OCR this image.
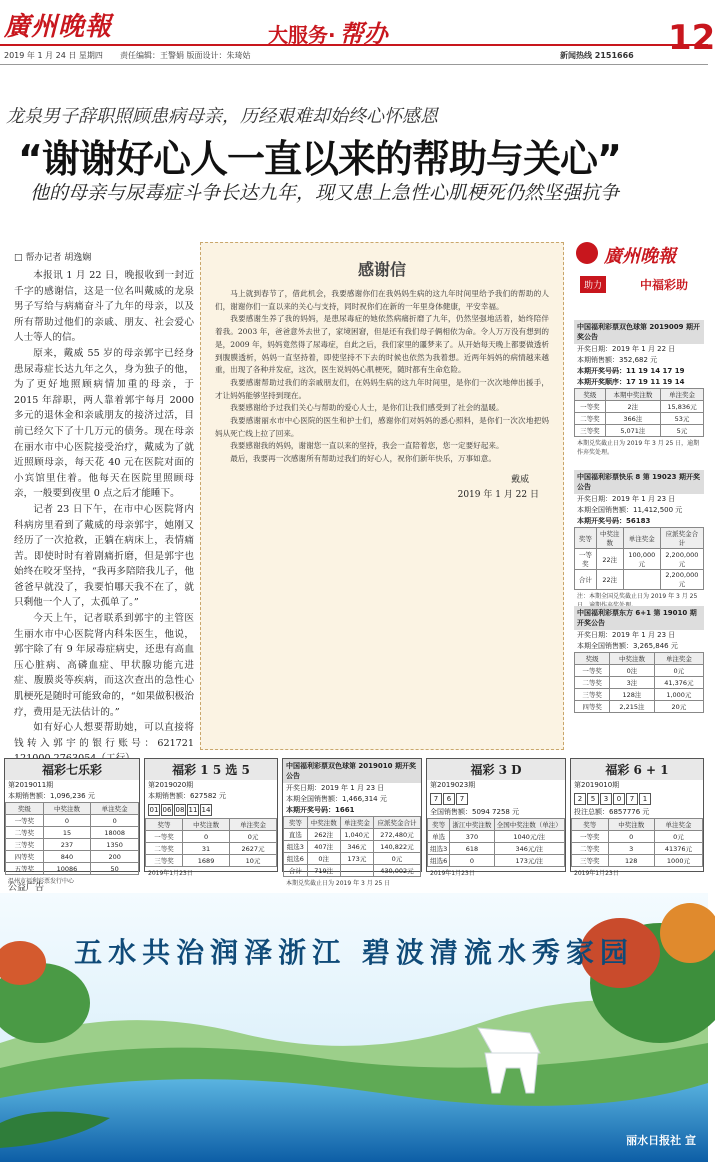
廣州晚報	大服务· 帮办	12
2019 年 1 月 24 日 星期四 责任编辑：王警娟 版面设计：朱琦姑	新闻热线 2151666
龙泉男子辞职照顾患病母亲，历经艰难却始终心怀感恩
“谢谢好心人一直以来的帮助与关心”
他的母亲与尿毒症斗争长达九年，现又患上急性心肌梗死仍然坚强抗争
□ 帮办记者 胡逸娴

本报讯 1 月 22 日，晚报收到一封近千字的感谢信，这是一位名叫戴威的龙泉男子写给与病痛奋斗了九年的母亲，以及所有帮助过他们的亲戚、朋友、社会爱心人士等人的信。

原来，戴威 55 岁的母亲郭宇已经身患尿毒症长达九年之久，身为独子的他，为了更好地照顾病情加重的母亲，于 2015 年辞职，两人靠着郭宇每月 2000 多元的退休金和亲戚朋友的接济过活，目前已经欠下了十几万元的债务。现在母亲在丽水市中心医院接受治疗，戴威为了就近照顾母亲，每天花 40 元在医院对面的小宾馆里住着。他每天在医院里照顾母亲，一般要到夜里 0 点之后才能睡下。

记者 23 日下午，在市中心医院肾内科病房里看到了戴威的母亲郭宇，她刚又经历了一次抢救，正躺在病床上，表情痛苦。即使时时有着剧痛折磨，但是郭宇也始终在咬牙坚持，“我再多陪陪我儿子，他爸爸早就没了，我要怕哪天我不在了，就只剩他一个人了，太孤单了。”

今天上午，记者联系到郭宇的主管医生丽水市中心医院肾内科朱医生，他说，郭宇除了有 9 年尿毒症病史，还患有高血压心脏病、高磷血症、甲状腺功能亢进症、腹膜炎等疾病，而这次查出的急性心肌梗死是随时可能致命的，“如果做积极治疗，费用是无法估计的。”

如有好心人想要帮助她，可以直接将钱转入郭宇的银行账号：621721

感谢信

马上就到春节了，借此机会，我要感谢你们在我妈妈生病的这九年时间里给予我们的帮助的人们，谢谢你们一直以来的关心与支持，同时祝你们在新的一年里身体健康，平安幸福。

我要感谢生养了我的妈妈，是患尿毒症的她依然病痛折磨了九年，仍然坚强地活着，始终陪伴着我。2003 年，爸爸意外去世了，家境困窘，但是还有我们母子俩相依为命。令人万万没有想到的是，2009 年，妈妈竟然得了尿毒症，自此之后，我们家里的噩梦来了。从开始每天晚上都要做透析到腹膜透析，妈妈一直坚持着，即使坚持不下去的时候也依然为我着想。近两年妈妈的病情越来越重，出现了各种并发症，这次，医生说妈妈心肌梗死，随时都有生命危险。

我要感谢帮助过我们的亲戚朋友们，在妈妈生病的这九年时间里，是你们一次次地伸出援手，才让妈妈能够坚持到现在。

我要感谢给予过我们关心与帮助的爱心人士，是你们让我们感受到了社会的温暖。

我要感谢丽水市中心医院的医生和护士们，感谢你们对妈妈的悉心照料，是你们一次次地把妈妈从死亡线上拉了回来。

我要感谢我的妈妈，谢谢您一直以来的坚持，我会一直陪着您，您一定要好起来。

最后，我要再一次感谢所有帮助过我们的好心人，祝你们新年快乐，万事如意。

戴威
2019 年 1 月 22 日
廣州晚報
助力	中福彩助
中国福利彩票双色球第 2019009 期开奖公告
开奖日期：2019 年 1 月 22 日
本期销售额：352,682 元
本期开奖号码：11 19 14 17 19
本期开奖顺序：17 19 11 19 14
奖级	本期中奖注数	单注奖金
一等奖	2注	15,836元
二等奖	366注	53元
三等奖	5,071注	5元
本期兑奖截止日为 2019 年 3 月 25 日，逾期作弃奖处理。
中国福利彩票快乐 8 第 19023 期开奖公告
开奖日期：2019 年 1 月 23 日
本期全国销售额：11,412,500 元
本期开奖号码：56183
奖等	中奖注数	单注奖金	应派奖金合计
一等奖	22注	100,000元	2,200,000元
合计	22注		2,200,000元
注：本期全国兑奖截止日为 2019 年 3 月 25
中国福利彩票东方 6+1 第 19010 期开奖公告
开奖日期：2019 年 1 月 23 日
本期全国销售额：3,265,846 元
奖级	中奖注数	单注奖金
一等奖	0注	0元
二等奖	3注	41,376元
三等奖	128注	1,000元
四等奖	2,215注	20元
福彩七乐彩
第2019011期
本期销售额：1,096,236 元
奖级	中奖注数	单注奖金
一等奖	0	0
二等奖	15	18008
三等奖	237	1350
四等奖	840	200
五等奖	10086	50
温州市福利彩票发行中心
福彩 1 5 选 5
第2019020期
本期销售额：627582 元
01 06 08 11 14
奖等	中奖注数	单注奖金
一等奖	0	0元
二等奖	31	2627元
三等奖	1689	10元
2019年1月23日
中国福利彩票双色球第 2019010 期开奖公告
开奖日期：2019 年 1 月 23 日
本期全国销售额：1,466,314 元
本期开奖号码：1661
奖等	中奖注数	单注奖金	应派奖金合计
直选	262注	1,040元	272,480元
组选3	407注	346元	140,822元
组选6	0注	173元	0元
合计	719注		430,002元
本期兑奖截止日为 2019 年 3 月 25 日
福彩 3 D
第2019023期
7	6	7
全国销售额：5094 7258 元
奖等	浙江中奖注数	全国中奖注数（单注）
单选	370	1040元/注
组选3	618	346元/注
组选6	0	173元/注
2019年1月23日
福彩 6 + 1
第2019010期
2	5	3	0	7	1
投注总额：6857776 元
奖等	中奖注数	单注奖金
一等奖	0	0元
二等奖	3	41376元
三等奖	128	1000元
2019年1月23日
公益广告
五水共治润泽浙江 碧波清流水秀家园
丽水日报社 宣
